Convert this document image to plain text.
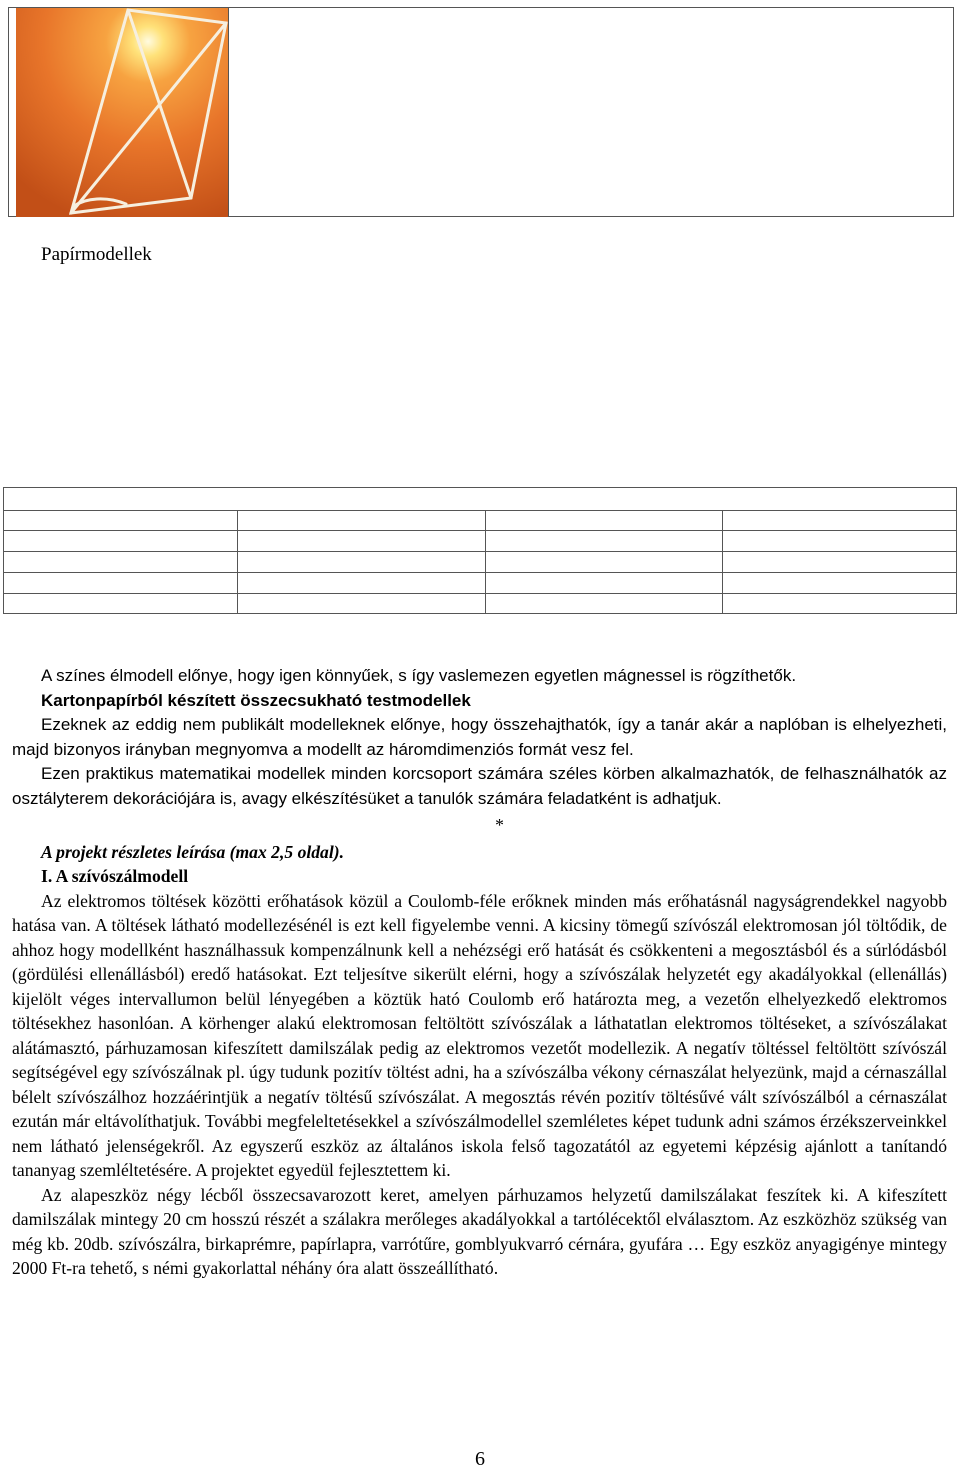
Papírmodellek

A színes élmodell előnye, hogy igen könnyűek, s így vaslemezen egyetlen mágnessel is rögzíthetők.

Kartonpapírból készített összecsukható testmodellek

Ezeknek az eddig nem publikált modelleknek előnye, hogy összehajthatók, így a tanár akár a naplóban is elhelyezheti, majd bizonyos irányban megnyomva a modellt az háromdimenziós formát vesz fel.

Ezen praktikus matematikai modellek minden korcsoport számára széles körben alkalmazhatók, de felhasználhatók az osztályterem dekorációjára is, avagy elkészítésüket a tanulók számára feladatként is adhatjuk.

*

A projekt részletes leírása (max 2,5 oldal).

I. A szívószálmodell

Az elektromos töltések közötti erőhatások közül a Coulomb-féle erőknek minden más erőhatásnál nagyságrendekkel nagyobb hatása van. A töltések látható modellezésénél is ezt kell figyelembe venni. A kicsiny tömegű szívószál elektromosan jól töltődik, de ahhoz hogy modellként használhassuk kompenzálnunk kell a nehézségi erő hatását és csökkenteni a megosztásból és a súrlódásból (gördülési ellenállásból) eredő hatásokat. Ezt teljesítve sikerült elérni, hogy a szívószálak helyzetét egy akadályokkal (ellenállás) kijelölt véges intervallumon belül lényegében a köztük ható Coulomb erő határozta meg, a vezetőn elhelyezkedő elektromos töltésekhez hasonlóan. A körhenger alakú elektromosan feltöltött szívószálak a láthatatlan elektromos töltéseket, a szívószálakat alátámasztó, párhuzamosan kifeszített damilszálak pedig az elektromos vezetőt modellezik. A negatív töltéssel feltöltött szívószál segítségével egy szívószálnak pl. úgy tudunk pozitív töltést adni, ha a szívószálba vékony cérnaszálat helyezünk, majd a cérnaszállal bélelt szívószálhoz hozzáérintjük a negatív töltésű szívószálat. A megosztás révén pozitív töltésűvé vált szívószálból a cérnaszálat ezután már eltávolíthatjuk. További megfeleltetésekkel a szívószálmodellel szemléletes képet tudunk adni számos érzékszerveinkkel nem látható jelenségekről. Az egyszerű eszköz az általános iskola felső tagozatától az egyetemi képzésig ajánlott a tanítandó tananyag szemléltetésére. A projektet egyedül fejlesztettem ki.

Az alapeszköz négy lécből összecsavarozott keret, amelyen párhuzamos helyzetű damilszálakat feszítek ki. A kifeszített damilszálak mintegy 20 cm hosszú részét a szálakra merőleges akadályokkal a tartólécektől elválasztom. Az eszközhöz szükség van még kb. 20db. szívószálra, birkaprémre, papírlapra, varrótűre, gomblyukvarró cérnára, gyufára … Egy eszköz anyagigénye mintegy 2000 Ft-ra tehető, s némi gyakorlattal néhány óra alatt összeállítható.

6
